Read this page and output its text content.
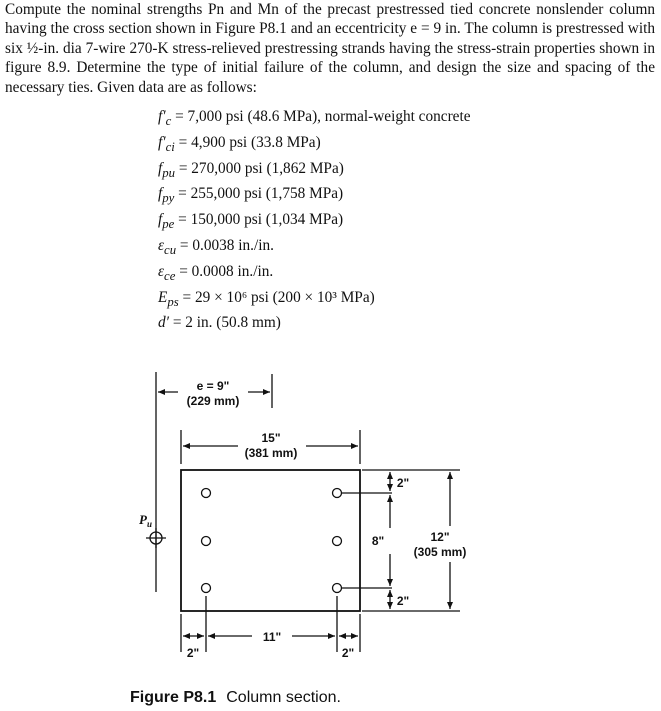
Compute the nominal strengths Pn and Mn of the precast prestressed tied concrete nonslender column having the cross section shown in Figure P8.1 and an eccentricity e = 9 in. The column is prestressed with six ½-in. dia 7-wire 270-K stress-relieved prestressing strands having the stress-strain properties shown in figure 8.9. Determine the type of initial failure of the column, and design the size and spacing of the necessary ties. Given data are as follows:

$f'_c = 7,000$ psi (48.6 MPa), normal-weight concrete
$f'_{ci} = 4,900$ psi (33.8 MPa)
$f_{pu} = 270,000$ psi (1,862 MPa)
$f_{py} = 255,000$ psi (1,758 MPa)
$f_{pe} = 150,000$ psi (1,034 MPa)
$\varepsilon_{cu} = 0.0038$ in./in.
$\varepsilon_{ce} = 0.0008$ in./in.
$E_{ps} = 29 \times 10^6$ psi (200 × 10³ MPa)
d′ = 2 in. (50.8 mm)
e = 9"
(229 mm)
15"
(381 mm)
$P_u$
2"
8"
2"
12"
(305 mm)
11"
2"	2"
Figure P8.1 Column section.
